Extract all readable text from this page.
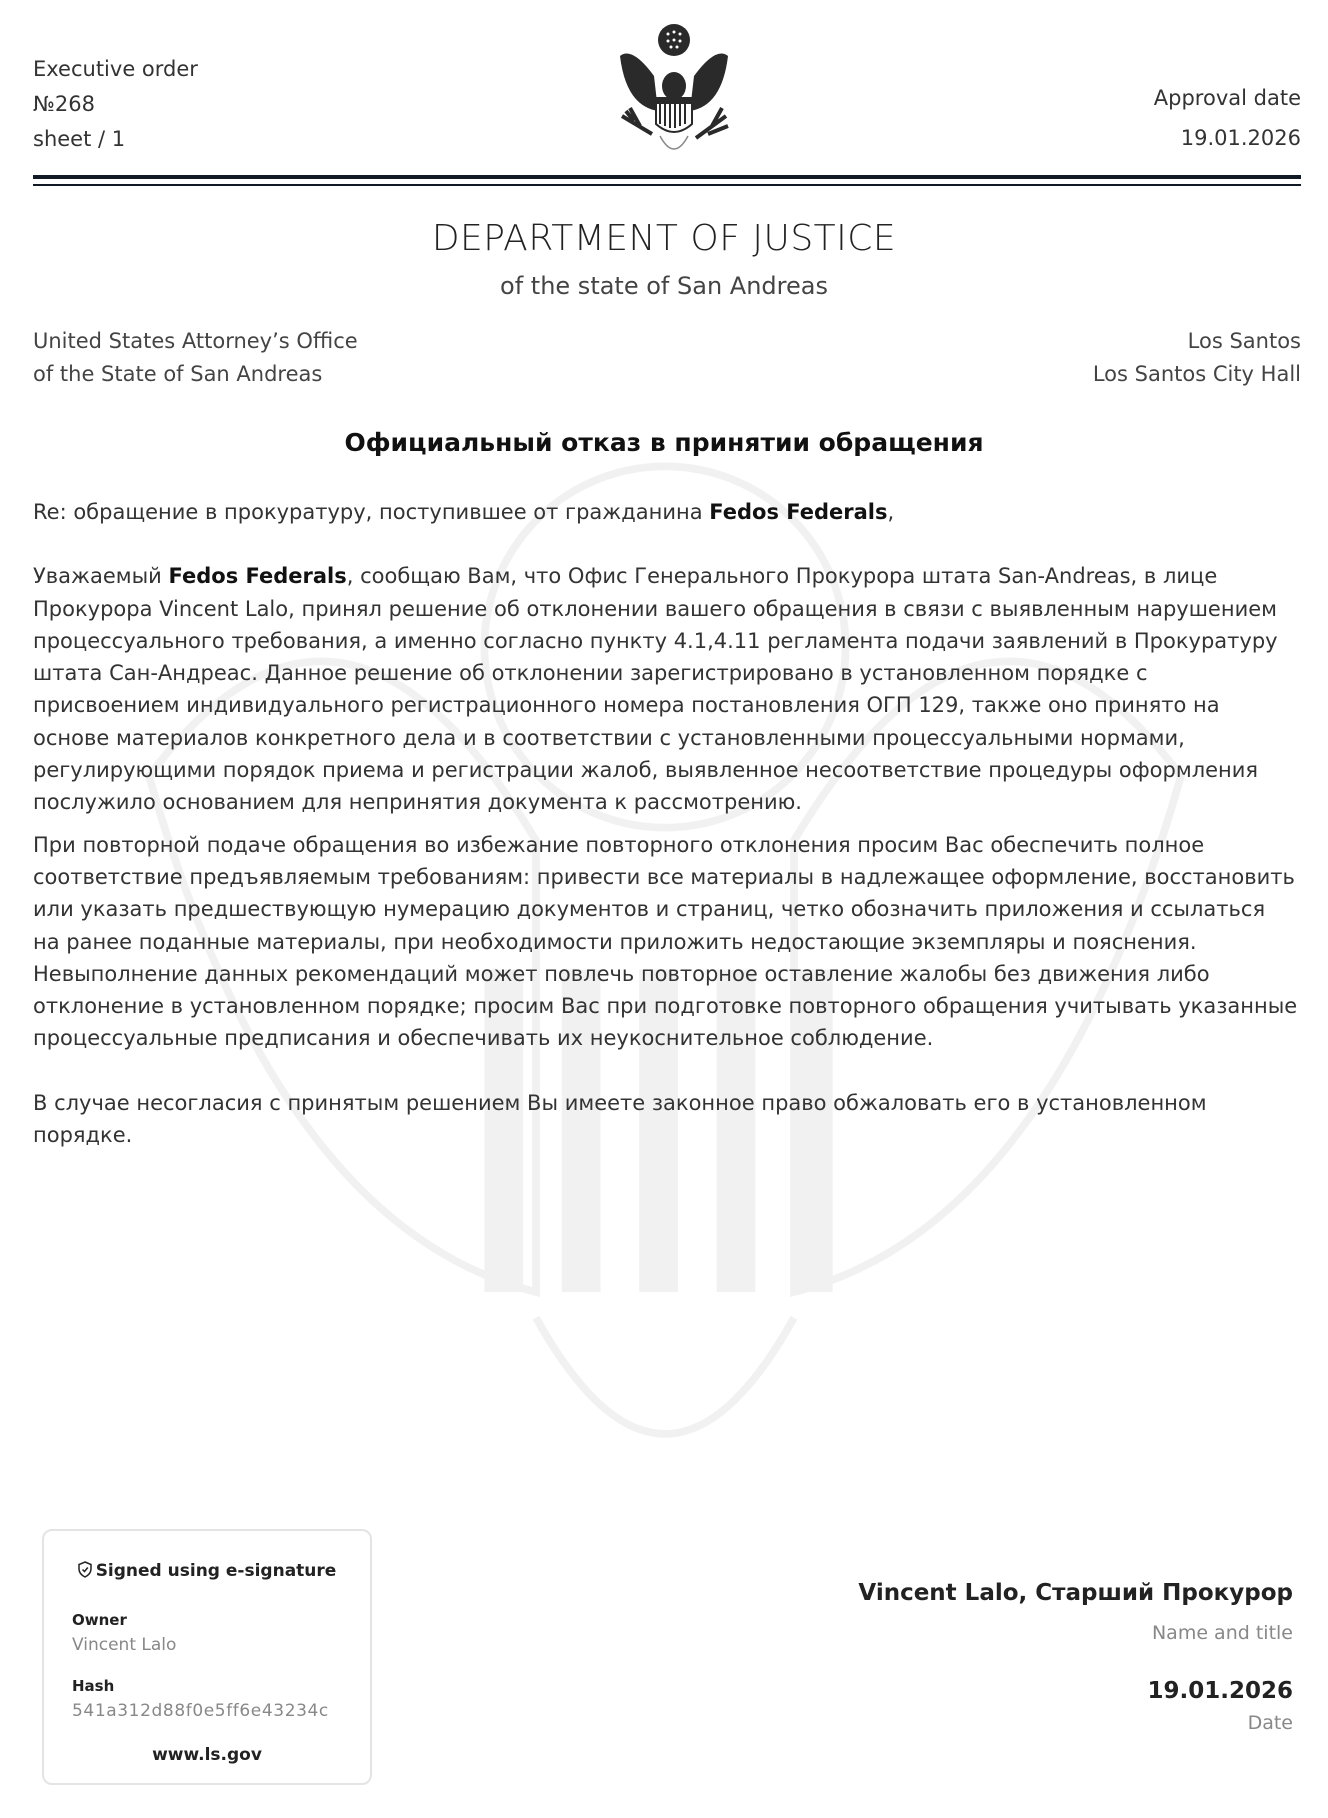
Executive order
№268
sheet / 1
Approval date
19.01.2026
DEPARTMENT OF JUSTICE
of the state of San Andreas
United States Attorney’s Office
of the State of San Andreas
Los Santos
Los Santos City Hall
Официальный отказ в принятии обращения

Re: обращение в прокуратуру, поступившее от гражданина Fedos Federals,

Уважаемый Fedos Federals, сообщаю Вам, что Офис Генерального Прокурора штата San-Andreas, в лице Прокурора Vincent Lalo, принял решение об отклонении вашего обращения в связи с выявленным нарушением процессуального требования, а именно согласно пункту 4.1,4.11 регламента подачи заявлений в Прокуратуру штата Сан-Андреас. Данное решение об отклонении зарегистрировано в установленном порядке с присвоением индивидуального регистрационного номера постановления ОГП 129, также оно принято на основе материалов конкретного дела и в соответствии с установленными процессуальными нормами, регулирующими порядок приема и регистрации жалоб, выявленное несоответствие процедуры оформления послужило основанием для непринятия документа к рассмотрению.

При повторной подаче обращения во избежание повторного отклонения просим Вас обеспечить полное соответствие предъявляемым требованиям: привести все материалы в надлежащее оформление, восстановить или указать предшествующую нумерацию документов и страниц, четко обозначить приложения и ссылаться на ранее поданные материалы, при необходимости приложить недостающие экземпляры и пояснения. Невыполнение данных рекомендаций может повлечь повторное оставление жалобы без движения либо отклонение в установленном порядке; просим Вас при подготовке повторного обращения учитывать указанные процессуальные предписания и обеспечивать их неукоснительное соблюдение.

В случае несогласия с принятым решением Вы имеете законное право обжаловать его в установленном порядке.

Signed using e-signature
Owner
Vincent Lalo
Hash
541a312d88f0e5ff6e43234c
www.ls.gov
Vincent Lalo, Старший Прокурор
Name and title
19.01.2026
Date
